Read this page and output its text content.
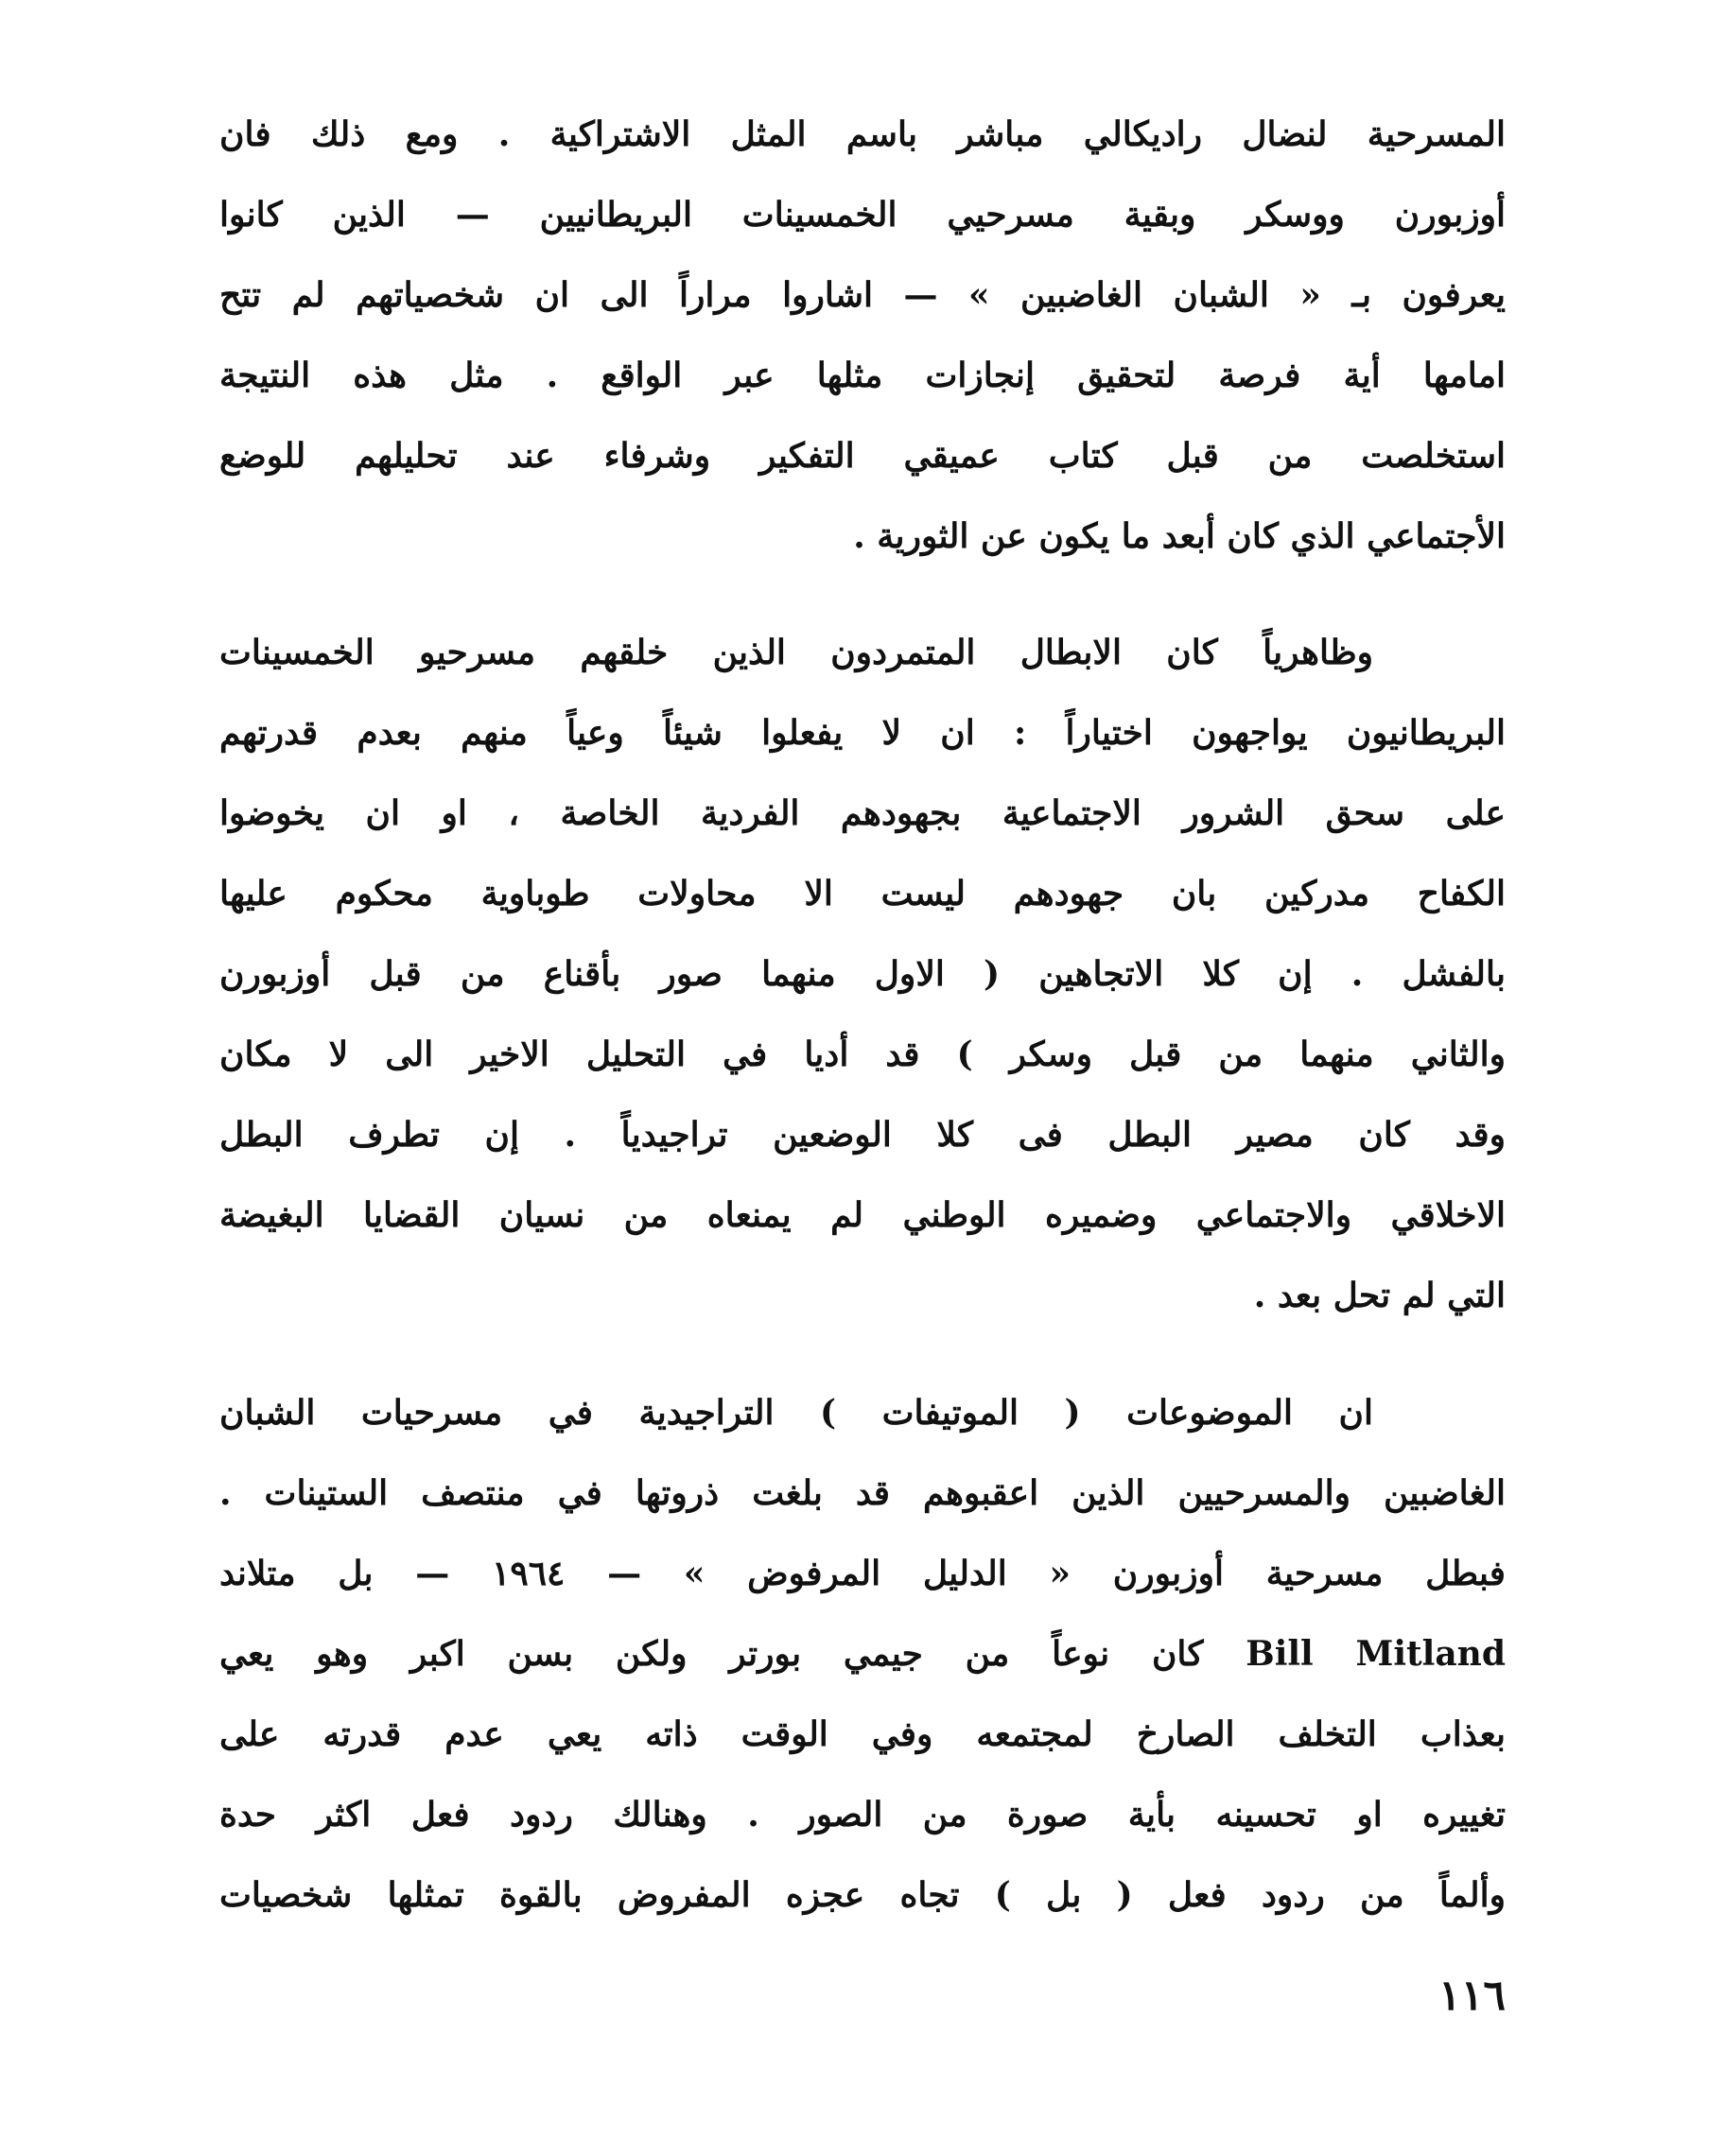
المسرحية لنضال راديكالي مباشر باسم المثل الاشتراكية . ومع ذلك فان
أوزبورن ووسكر وبقية مسرحيي الخمسينات البريطانيين — الذين كانوا
يعرفون بـ « الشبان الغاضبين » — اشاروا مراراً الى ان شخصياتهم لم تتح
امامها أية فرصة لتحقيق إنجازات مثلها عبر الواقع . مثل هذه النتيجة
استخلصت من قبل كتاب عميقي التفكير وشرفاء عند تحليلهم للوضع
الأجتماعي الذي كان أبعد ما يكون عن الثورية .
وظاهرياً كان الابطال المتمردون الذين خلقهم مسرحيو الخمسينات
البريطانيون يواجهون اختياراً : ان لا يفعلوا شيئاً وعياً منهم بعدم قدرتهم
على سحق الشرور الاجتماعية بجهودهم الفردية الخاصة ، او ان يخوضوا
الكفاح مدركين بان جهودهم ليست الا محاولات طوباوية محكوم عليها
بالفشل . إن كلا الاتجاهين ( الاول منهما صور بأقناع من قبل أوزبورن
والثاني منهما من قبل وسكر ) قد أديا في التحليل الاخير الى لا مكان
وقد كان مصير البطل فى كلا الوضعين تراجيدياً . إن تطرف البطل
الاخلاقي والاجتماعي وضميره الوطني لم يمنعاه من نسيان القضايا البغيضة
التي لم تحل بعد .
ان الموضوعات ( الموتيفات ) التراجيدية في مسرحيات الشبان
الغاضبين والمسرحيين الذين اعقبوهم قد بلغت ذروتها في منتصف الستينات .
فبطل مسرحية أوزبورن « الدليل المرفوض » — ١٩٦٤ — بل متلاند
Bill Mitland كان نوعاً من جيمي بورتر ولكن بسن اكبر وهو يعي
بعذاب التخلف الصارخ لمجتمعه وفي الوقت ذاته يعي عدم قدرته على
تغييره او تحسينه بأية صورة من الصور . وهنالك ردود فعل اكثر حدة
وألماً من ردود فعل ( بل ) تجاه عجزه المفروض بالقوة تمثلها شخصيات
١١٦
